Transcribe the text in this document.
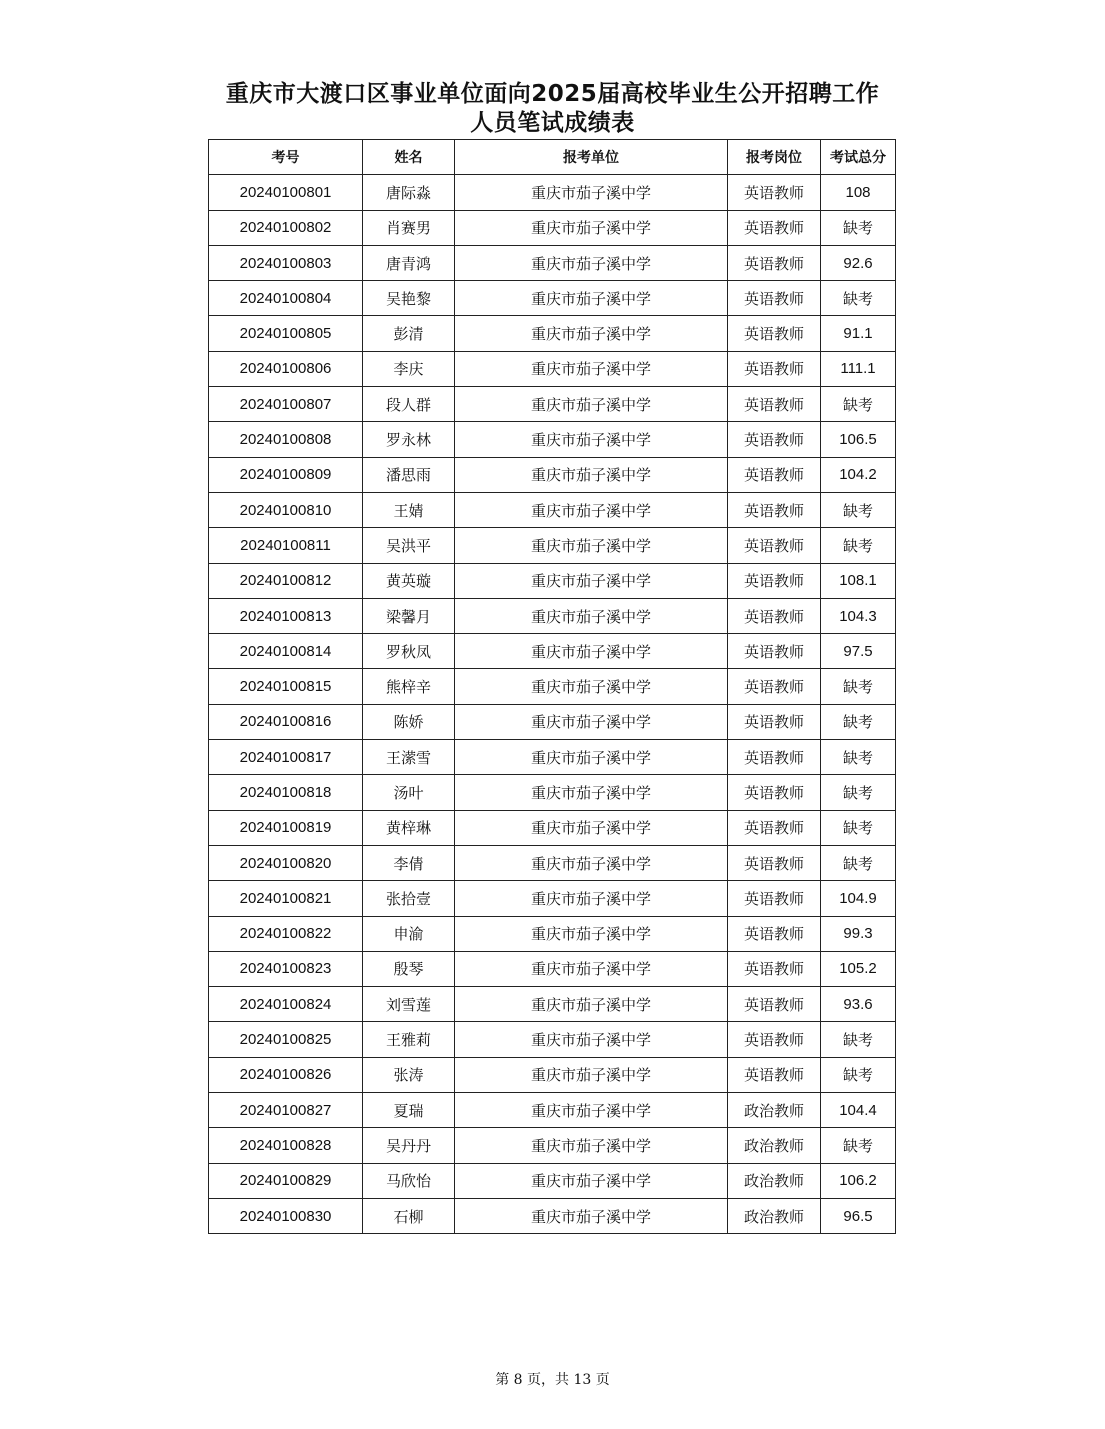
重庆市大渡口区事业单位面向2025届高校毕业生公开招聘工作
人员笔试成绩表
考号	姓名	报考单位	报考岗位	考试总分
20240100801	唐际淼	重庆市茄子溪中学	英语教师	108
20240100802	肖赛男	重庆市茄子溪中学	英语教师	缺考
20240100803	唐青鸿	重庆市茄子溪中学	英语教师	92.6
20240100804	吴艳黎	重庆市茄子溪中学	英语教师	缺考
20240100805	彭清	重庆市茄子溪中学	英语教师	91.1
20240100806	李庆	重庆市茄子溪中学	英语教师	111.1
20240100807	段人群	重庆市茄子溪中学	英语教师	缺考
20240100808	罗永林	重庆市茄子溪中学	英语教师	106.5
20240100809	潘思雨	重庆市茄子溪中学	英语教师	104.2
20240100810	王婧	重庆市茄子溪中学	英语教师	缺考
20240100811	吴洪平	重庆市茄子溪中学	英语教师	缺考
20240100812	黄英璇	重庆市茄子溪中学	英语教师	108.1
20240100813	梁馨月	重庆市茄子溪中学	英语教师	104.3
20240100814	罗秋凤	重庆市茄子溪中学	英语教师	97.5
20240100815	熊梓辛	重庆市茄子溪中学	英语教师	缺考
20240100816	陈娇	重庆市茄子溪中学	英语教师	缺考
20240100817	王潆雪	重庆市茄子溪中学	英语教师	缺考
20240100818	汤叶	重庆市茄子溪中学	英语教师	缺考
20240100819	黄梓琳	重庆市茄子溪中学	英语教师	缺考
20240100820	李倩	重庆市茄子溪中学	英语教师	缺考
20240100821	张拾壹	重庆市茄子溪中学	英语教师	104.9
20240100822	申渝	重庆市茄子溪中学	英语教师	99.3
20240100823	殷琴	重庆市茄子溪中学	英语教师	105.2
20240100824	刘雪莲	重庆市茄子溪中学	英语教师	93.6
20240100825	王雅莉	重庆市茄子溪中学	英语教师	缺考
20240100826	张涛	重庆市茄子溪中学	英语教师	缺考
20240100827	夏瑞	重庆市茄子溪中学	政治教师	104.4
20240100828	吴丹丹	重庆市茄子溪中学	政治教师	缺考
20240100829	马欣怡	重庆市茄子溪中学	政治教师	106.2
20240100830	石柳	重庆市茄子溪中学	政治教师	96.5
第 8 页，共 13 页
